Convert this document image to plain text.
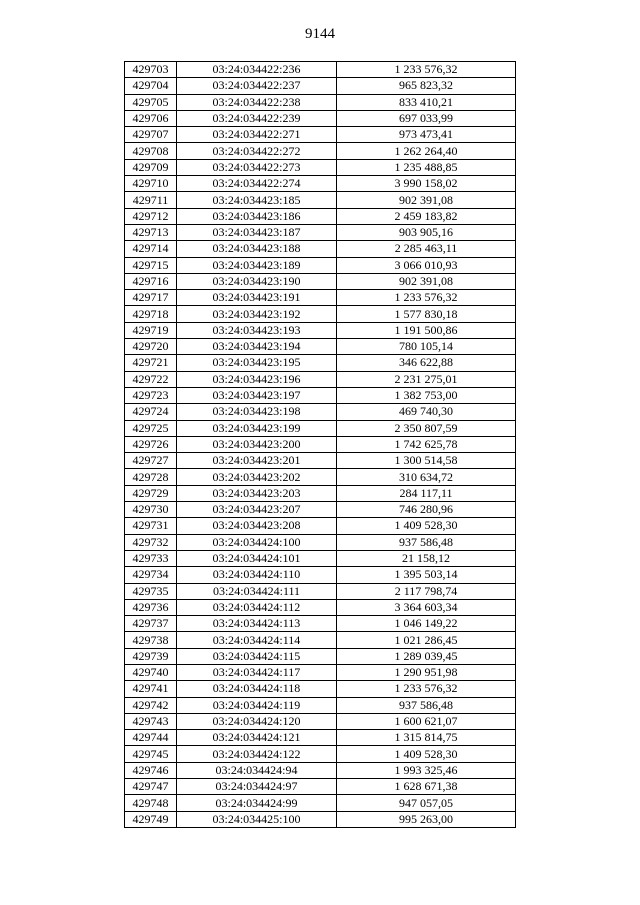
9144
429703	03:24:034422:236	1 233 576,32
429704	03:24:034422:237	965 823,32
429705	03:24:034422:238	833 410,21
429706	03:24:034422:239	697 033,99
429707	03:24:034422:271	973 473,41
429708	03:24:034422:272	1 262 264,40
429709	03:24:034422:273	1 235 488,85
429710	03:24:034422:274	3 990 158,02
429711	03:24:034423:185	902 391,08
429712	03:24:034423:186	2 459 183,82
429713	03:24:034423:187	903 905,16
429714	03:24:034423:188	2 285 463,11
429715	03:24:034423:189	3 066 010,93
429716	03:24:034423:190	902 391,08
429717	03:24:034423:191	1 233 576,32
429718	03:24:034423:192	1 577 830,18
429719	03:24:034423:193	1 191 500,86
429720	03:24:034423:194	780 105,14
429721	03:24:034423:195	346 622,88
429722	03:24:034423:196	2 231 275,01
429723	03:24:034423:197	1 382 753,00
429724	03:24:034423:198	469 740,30
429725	03:24:034423:199	2 350 807,59
429726	03:24:034423:200	1 742 625,78
429727	03:24:034423:201	1 300 514,58
429728	03:24:034423:202	310 634,72
429729	03:24:034423:203	284 117,11
429730	03:24:034423:207	746 280,96
429731	03:24:034423:208	1 409 528,30
429732	03:24:034424:100	937 586,48
429733	03:24:034424:101	21 158,12
429734	03:24:034424:110	1 395 503,14
429735	03:24:034424:111	2 117 798,74
429736	03:24:034424:112	3 364 603,34
429737	03:24:034424:113	1 046 149,22
429738	03:24:034424:114	1 021 286,45
429739	03:24:034424:115	1 289 039,45
429740	03:24:034424:117	1 290 951,98
429741	03:24:034424:118	1 233 576,32
429742	03:24:034424:119	937 586,48
429743	03:24:034424:120	1 600 621,07
429744	03:24:034424:121	1 315 814,75
429745	03:24:034424:122	1 409 528,30
429746	03:24:034424:94	1 993 325,46
429747	03:24:034424:97	1 628 671,38
429748	03:24:034424:99	947 057,05
429749	03:24:034425:100	995 263,00
